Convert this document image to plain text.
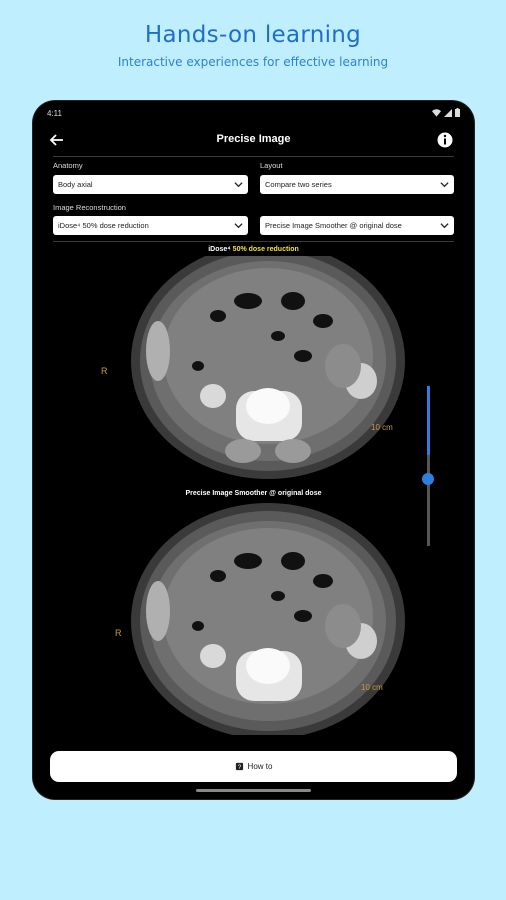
Hands-on learning
Interactive experiences for effective learning
4:11
Precise Image
Anatomy
Body axial
Layout
Compare two series
Image Reconstruction
iDose⁴ 50% dose reduction	Precise Image Smoother @ original dose
iDose⁴ 50% dose reduction
R
10 cm
Precise Image Smoother @ original dose
R
10 cm
? How to
